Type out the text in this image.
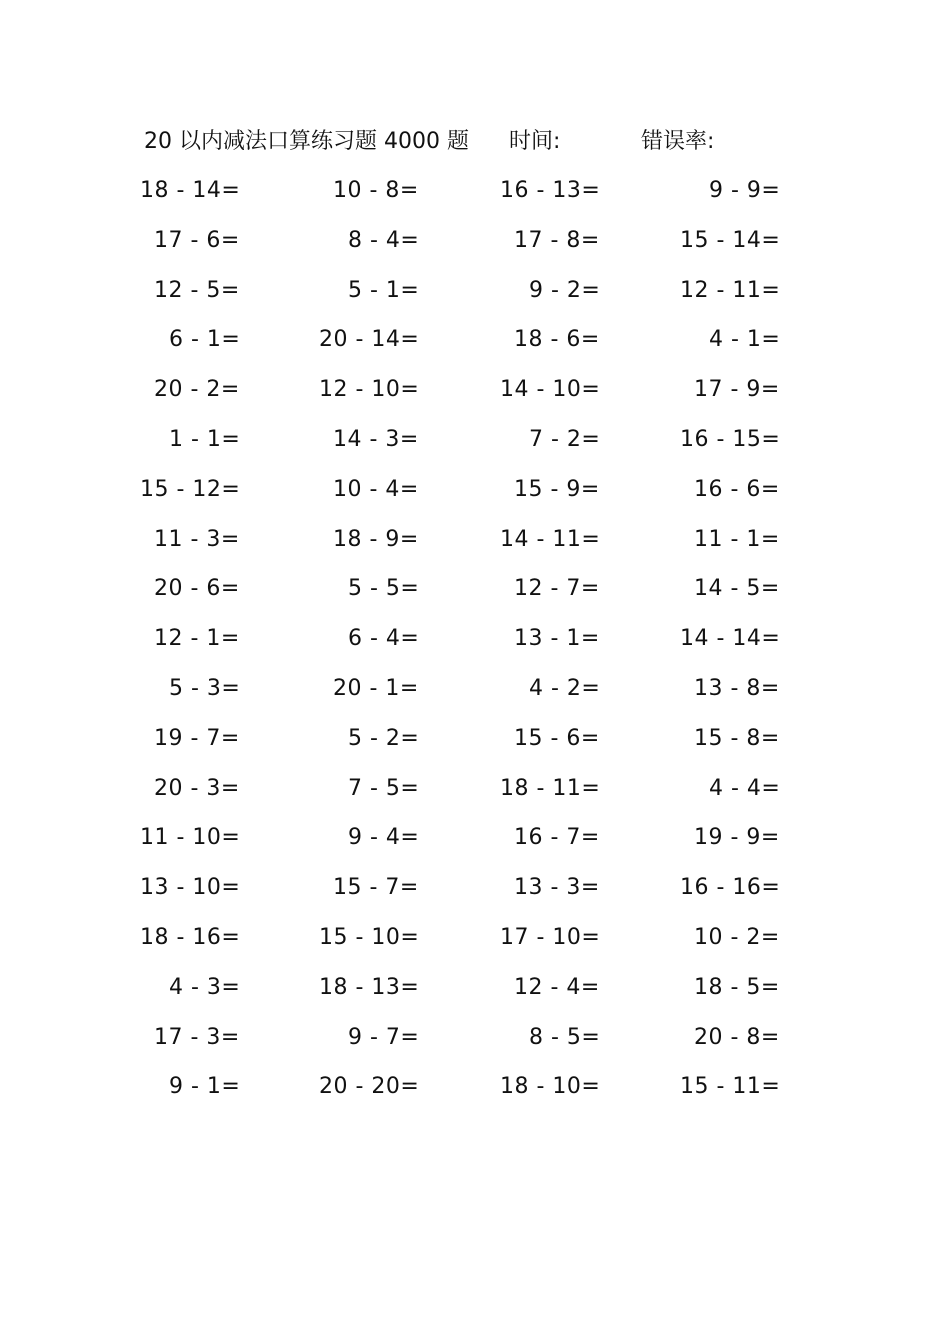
20 以内减法口算练习题 4000 题 时间:	错误率:
18 - 14=	10 - 8=	16 - 13=	9 - 9=
17 - 6=	8 - 4=	17 - 8=	15 - 14=
12 - 5=	5 - 1=	9 - 2=	12 - 11=
6 - 1=	20 - 14=	18 - 6=	4 - 1=
20 - 2=	12 - 10=	14 - 10=	17 - 9=
1 - 1=	14 - 3=	7 - 2=	16 - 15=
15 - 12=	10 - 4=	15 - 9=	16 - 6=
11 - 3=	18 - 9=	14 - 11=	11 - 1=
20 - 6=	5 - 5=	12 - 7=	14 - 5=
12 - 1=	6 - 4=	13 - 1=	14 - 14=
5 - 3=	20 - 1=	4 - 2=	13 - 8=
19 - 7=	5 - 2=	15 - 6=	15 - 8=
20 - 3=	7 - 5=	18 - 11=	4 - 4=
11 - 10=	9 - 4=	16 - 7=	19 - 9=
13 - 10=	15 - 7=	13 - 3=	16 - 16=
18 - 16=	15 - 10=	17 - 10=	10 - 2=
4 - 3=	18 - 13=	12 - 4=	18 - 5=
17 - 3=	9 - 7=	8 - 5=	20 - 8=
9 - 1=	20 - 20=	18 - 10=	15 - 11=
